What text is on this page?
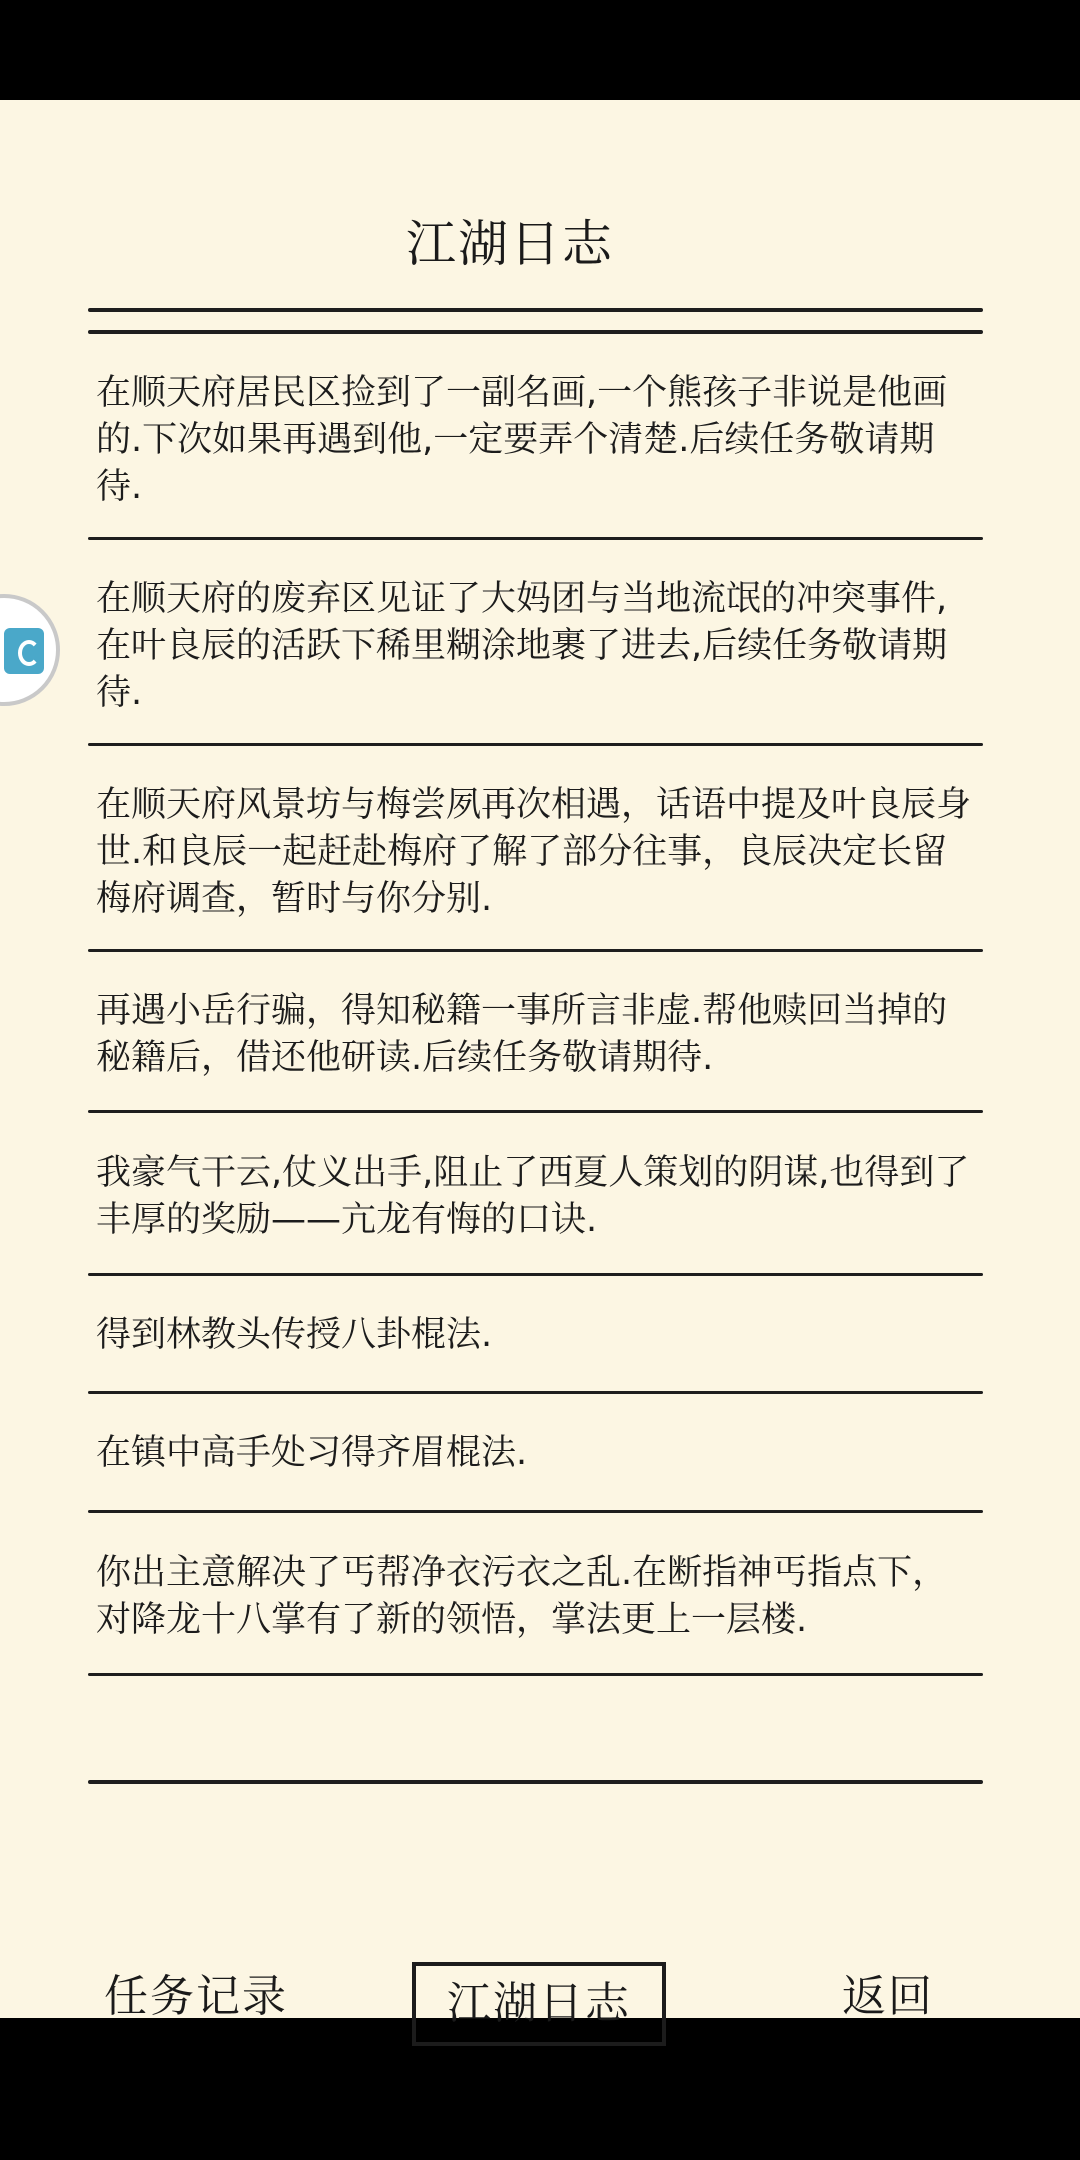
江湖日志
在顺天府居民区捡到了一副名画,一个熊孩子非说是他画的.下次如果再遇到他,一定要弄个清楚.后续任务敬请期待.
在顺天府的废弃区见证了大妈团与当地流氓的冲突事件,在叶良辰的活跃下稀里糊涂地裹了进去,后续任务敬请期待.
在顺天府风景坊与梅尝夙再次相遇，话语中提及叶良辰身世.和良辰一起赶赴梅府了解了部分往事，良辰决定长留梅府调查，暂时与你分别.
再遇小岳行骗，得知秘籍一事所言非虚.帮他赎回当掉的秘籍后，借还他研读.后续任务敬请期待.
我豪气干云,仗义出手,阻止了西夏人策划的阴谋,也得到了丰厚的奖励——亢龙有悔的口诀.
得到林教头传授八卦棍法.
在镇中高手处习得齐眉棍法.
你出主意解决了丐帮净衣污衣之乱.在断指神丐指点下，对降龙十八掌有了新的领悟，掌法更上一层楼.
任务记录	江湖日志	返回
